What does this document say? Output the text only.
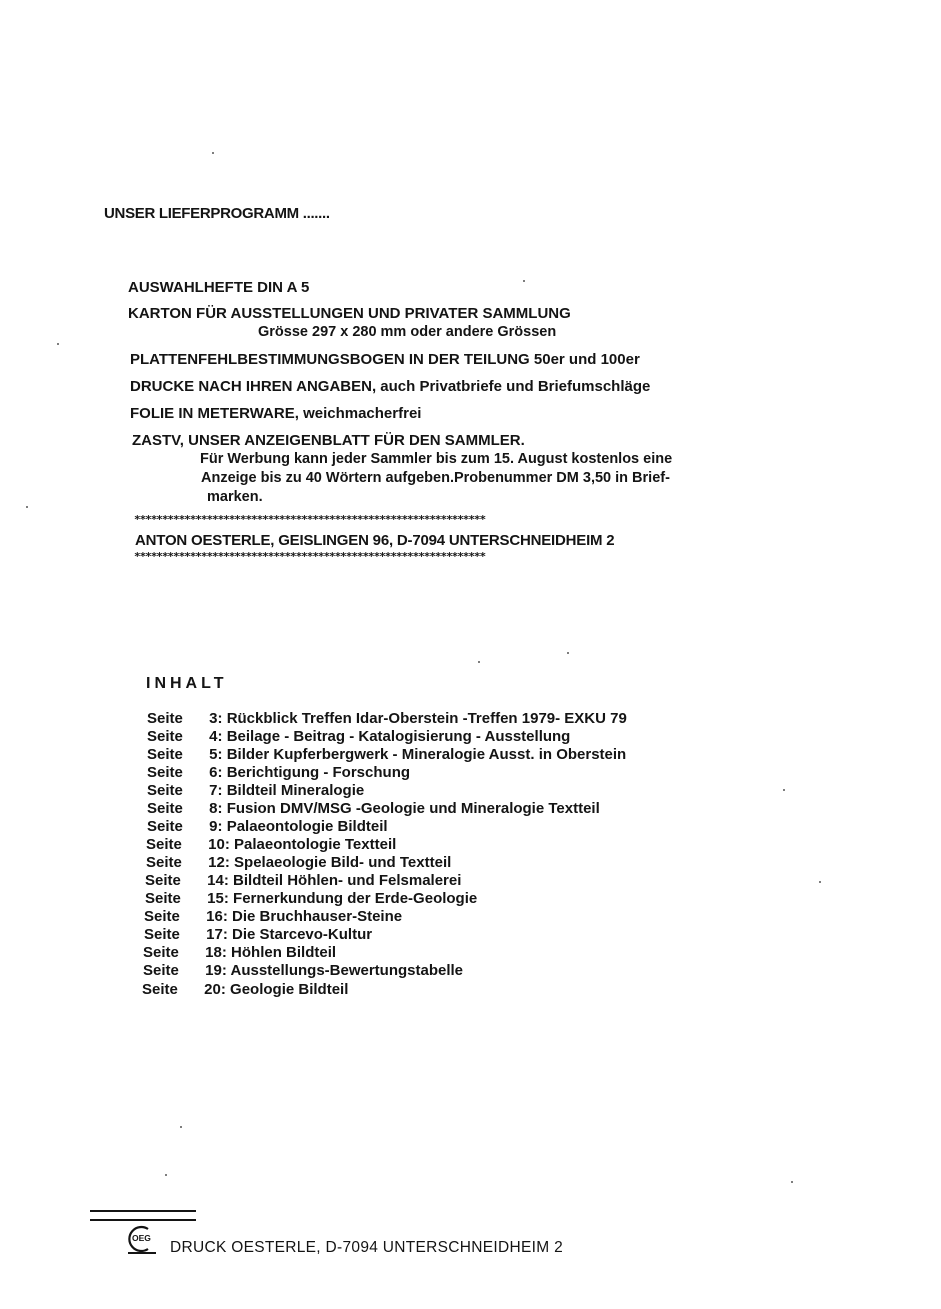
UNSER LIEFERPROGRAMM .......
AUSWAHLHEFTE DIN A 5
KARTON FÜR AUSSTELLUNGEN UND PRIVATER SAMMLUNG
Grösse 297 x 280 mm oder andere Grössen
PLATTENFEHLBESTIMMUNGSBOGEN IN DER TEILUNG 50er und 100er
DRUCKE NACH IHREN ANGABEN, auch Privatbriefe und Briefumschläge
FOLIE IN METERWARE, weichmacherfrei
ZASTV, UNSER ANZEIGENBLATT FÜR DEN SAMMLER.
Für Werbung kann jeder Sammler bis zum 15. August kostenlos eine
Anzeige bis zu 40 Wörtern aufgeben.Probenummer DM 3,50 in Brief-
marken.
***************************************************************
ANTON OESTERLE, GEISLINGEN 96, D-7094 UNTERSCHNEIDHEIM 2
***************************************************************
INHALT
Seite 3: Rückblick Treffen Idar-Oberstein -Treffen 1979- EXKU 79
Seite 4: Beilage - Beitrag - Katalogisierung - Ausstellung
Seite 5: Bilder Kupferbergwerk - Mineralogie Ausst. in Oberstein
Seite 6: Berichtigung - Forschung
Seite 7: Bildteil Mineralogie
Seite 8: Fusion DMV/MSG -Geologie und Mineralogie Textteil
Seite 9: Palaeontologie Bildteil
Seite 10: Palaeontologie Textteil
Seite 12: Spelaeologie Bild- und Textteil
Seite 14: Bildteil Höhlen- und Felsmalerei
Seite 15: Fernerkundung der Erde-Geologie
Seite 16: Die Bruchhauser-Steine
Seite 17: Die Starcevo-Kultur
Seite 18: Höhlen Bildteil
Seite 19: Ausstellungs-Bewertungstabelle
Seite 20: Geologie Bildteil
OEG
DRUCK OESTERLE, D-7094 UNTERSCHNEIDHEIM 2
